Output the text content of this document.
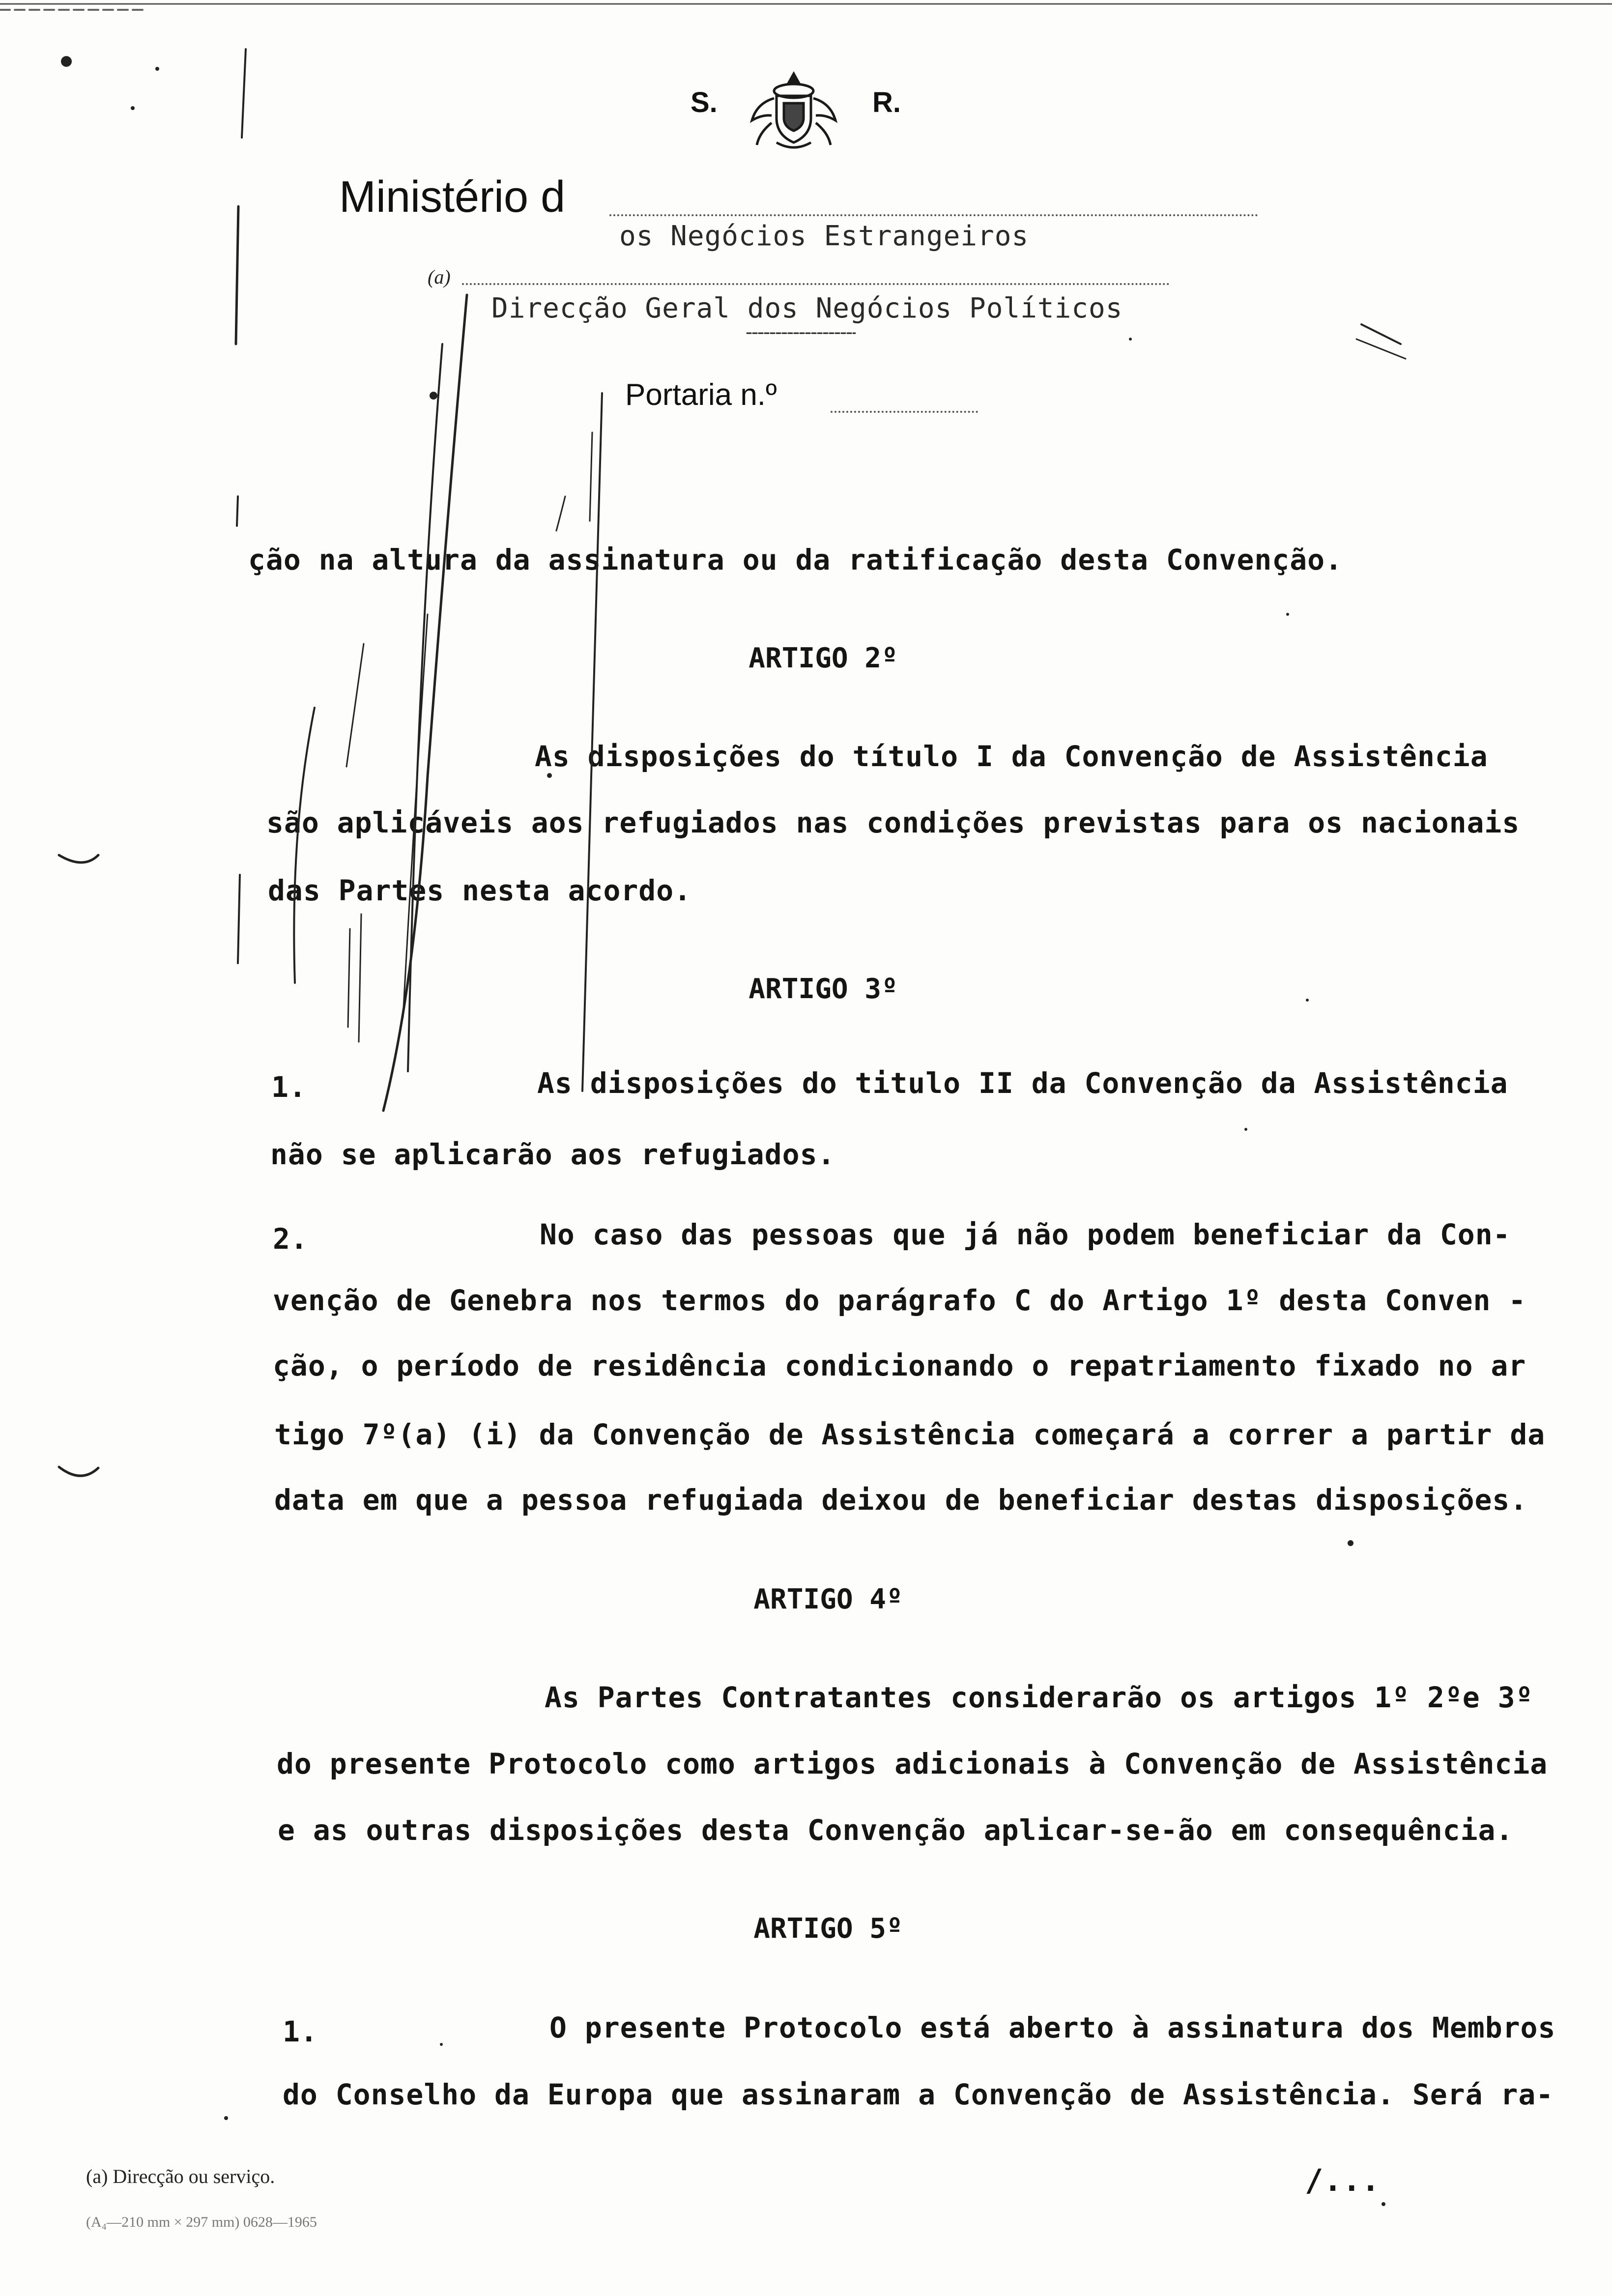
S.	R.
Ministério d
os Negócios Estrangeiros
(a)
Direcção Geral dos Negócios Políticos
Portaria n.º
ção na altura da assinatura ou da ratificação desta Convenção.
ARTIGO 2º
As disposições do título I da Convenção de Assistência
são aplicáveis aos refugiados nas condições previstas para os nacionais
das Partes nesta acordo.
ARTIGO 3º
1.	As disposições do titulo II da Convenção da Assistência
não se aplicarão aos refugiados.
2.	No caso das pessoas que já não podem beneficiar da Con-
venção de Genebra nos termos do parágrafo C do Artigo 1º desta Conven -
ção, o período de residência condicionando o repatriamento fixado no ar
tigo 7º(a) (i) da Convenção de Assistência começará a correr a partir da
data em que a pessoa refugiada deixou de beneficiar destas disposições.
ARTIGO 4º
As Partes Contratantes considerarão os artigos 1º 2ºe 3º
do presente Protocolo como artigos adicionais à Convenção de Assistência
e as outras disposições desta Convenção aplicar-se-ão em consequência.
ARTIGO 5º
1.	O presente Protocolo está aberto à assinatura dos Membros
do Conselho da Europa que assinaram a Convenção de Assistência. Será ra-
(a) Direcção ou serviço.
(A₄—210 mm × 297 mm) 0628—1965
/...
